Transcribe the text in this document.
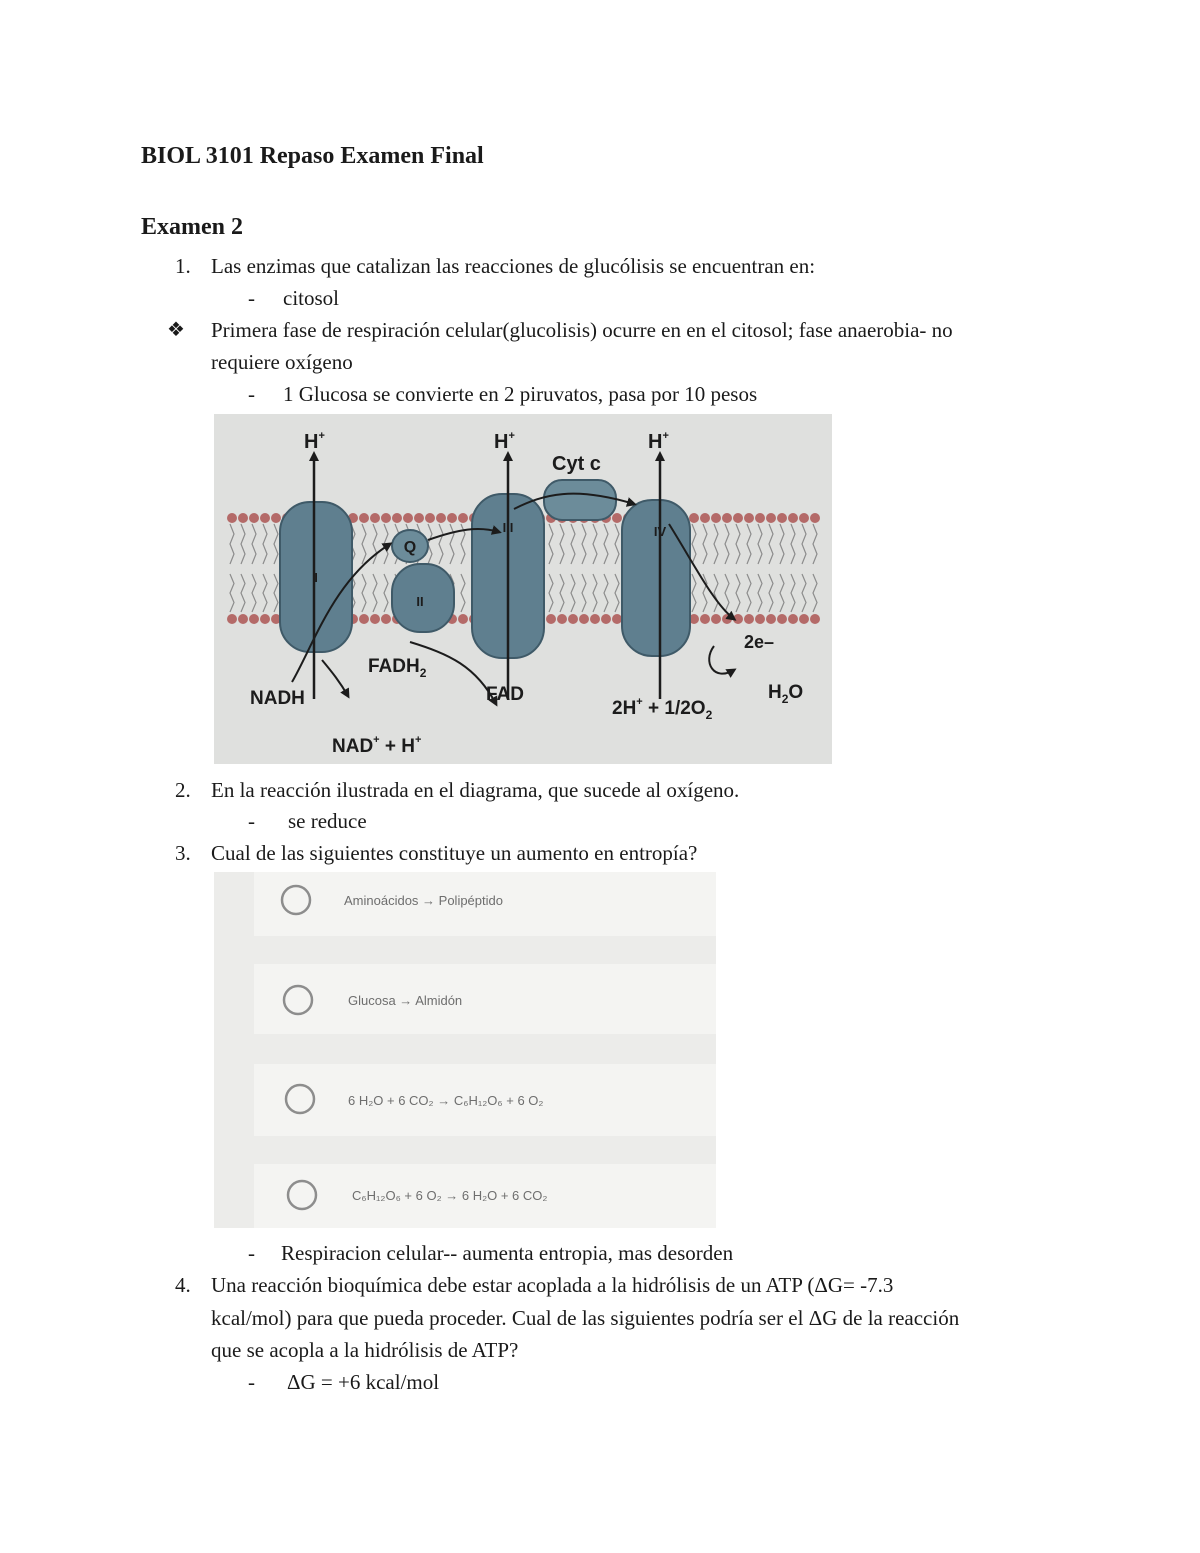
BIOL 3101 Repaso Examen Final
Examen 2
1. Las enzimas que catalizan las reacciones de glucólisis se encuentran en:
- citosol
❖ Primera fase de respiración celular(glucolisis) ocurre en en el citosol; fase anaerobia- no
requiere oxígeno
- 1 Glucosa se convierte en 2 piruvatos, pasa por 10 pesos
I
II
Q
III	IV
H+	H+	H+
Cyt c
NADH
$FADH_2$
FAD
NAD+ + H+
2e–
$H_2O$
$2H^+ + 1/2O_2$
2. En la reacción ilustrada en el diagrama, que sucede al oxígeno.
- se reduce
3. Cual de las siguientes constituye un aumento en entropía?
Aminoácidos → Polipéptido
Glucosa → Almidón
6 H₂O + 6 CO₂ → C₆H₁₂O₆ + 6 O₂
C₆H₁₂O₆ + 6 O₂ → 6 H₂O + 6 CO₂
- Respiracion celular-- aumenta entropia, mas desorden
4. Una reacción bioquímica debe estar acoplada a la hidrólisis de un ATP (ΔG= -7.3
kcal/mol) para que pueda proceder. Cual de las siguientes podría ser el ΔG de la reacción
que se acopla a la hidrólisis de ATP?
- ΔG = +6 kcal/mol
